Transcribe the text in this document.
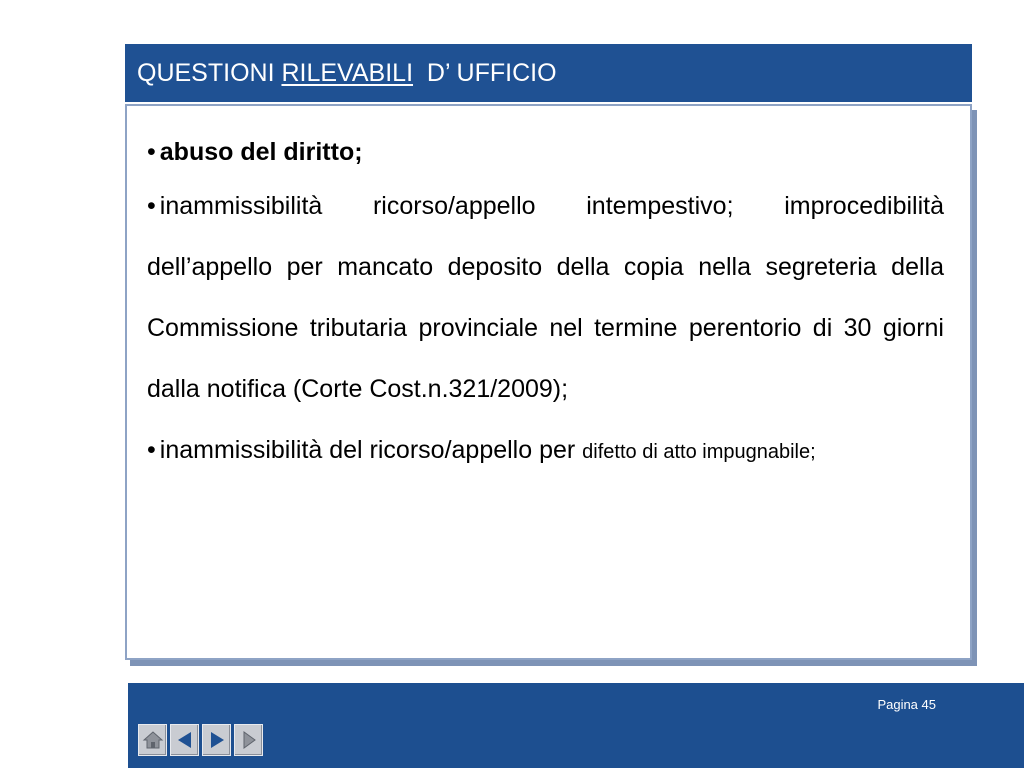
QUESTIONI RILEVABILI  D’ UFFICIO

• abuso del diritto;

• inammissibilità ricorso/appello intempestivo; improcedibilità dell’appello per mancato deposito della copia nella segreteria della Commissione tributaria provinciale nel termine perentorio di 30 giorni dalla notifica (Corte Cost.n.321/2009);

• inammissibilità del ricorso/appello per difetto di atto impugnabile;

Pagina 45
